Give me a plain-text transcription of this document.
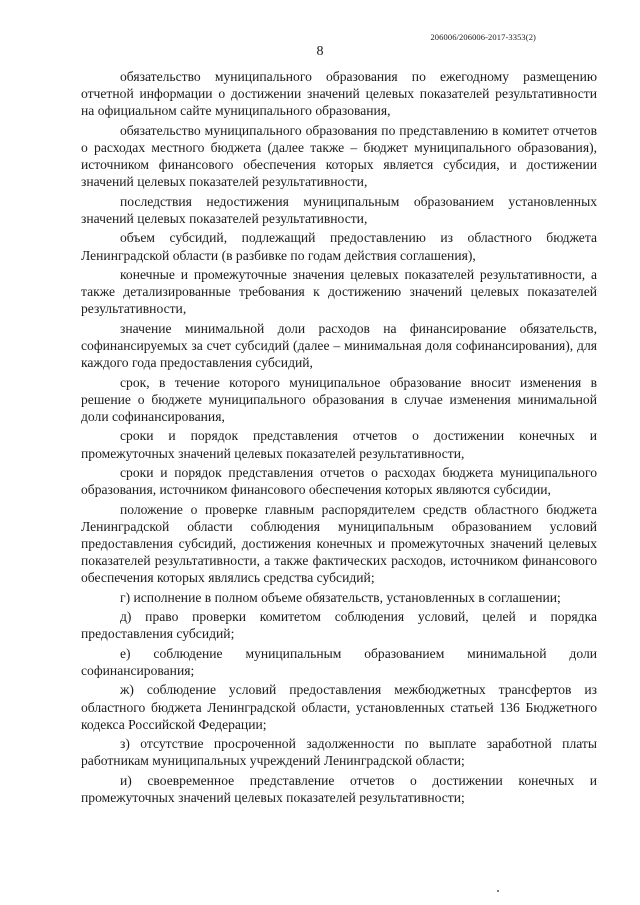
206006/206006-2017-3353(2)
8

обязательство муниципального образования по ежегодному размещению отчетной информации о достижении значений целевых показателей результативности на официальном сайте муниципального образования,

обязательство муниципального образования по представлению в комитет отчетов о расходах местного бюджета (далее также – бюджет муниципального образования), источником финансового обеспечения которых является субсидия, и достижении значений целевых показателей результативности,

последствия недостижения муниципальным образованием установленных значений целевых показателей результативности,

объем субсидий, подлежащий предоставлению из областного бюджета Ленинградской области (в разбивке по годам действия соглашения),

конечные и промежуточные значения целевых показателей результативности, а также детализированные требования к достижению значений целевых показателей результативности,

значение минимальной доли расходов на финансирование обязательств, софинансируемых за счет субсидий (далее – минимальная доля софинансирования), для каждого года предоставления субсидий,

срок, в течение которого муниципальное образование вносит изменения в решение о бюджете муниципального образования в случае изменения минимальной доли софинансирования,

сроки и порядок представления отчетов о достижении конечных и промежуточных значений целевых показателей результативности,

сроки и порядок представления отчетов о расходах бюджета муниципального образования, источником финансового обеспечения которых являются субсидии,

положение о проверке главным распорядителем средств областного бюджета Ленинградской области соблюдения муниципальным образованием условий предоставления субсидий, достижения конечных и промежуточных значений целевых показателей результативности, а также фактических расходов, источником финансового обеспечения которых являлись средства субсидий;

г) исполнение в полном объеме обязательств, установленных в соглашении;

д) право проверки комитетом соблюдения условий, целей и порядка предоставления субсидий;

е) соблюдение муниципальным образованием минимальной доли софинансирования;

ж) соблюдение условий предоставления межбюджетных трансфертов из областного бюджета Ленинградской области, установленных статьей 136 Бюджетного кодекса Российской Федерации;

з) отсутствие просроченной задолженности по выплате заработной платы работникам муниципальных учреждений Ленинградской области;

и) своевременное представление отчетов о достижении конечных и промежуточных значений целевых показателей результативности;
